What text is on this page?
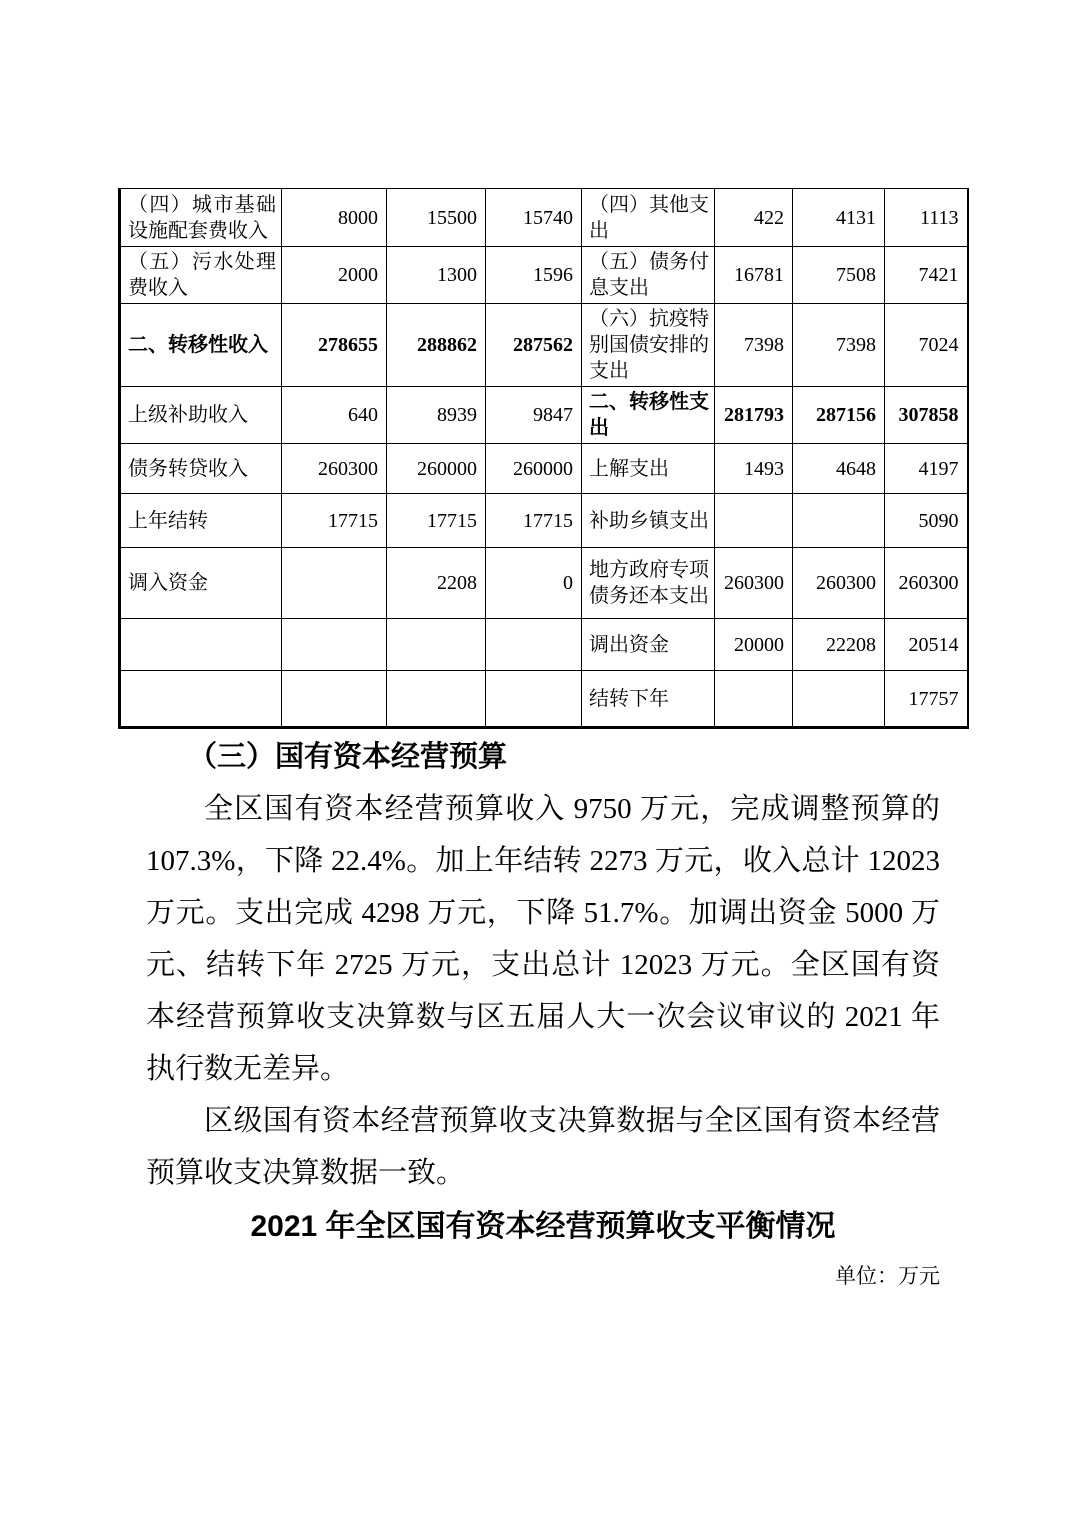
（四）城市基础设施配套费收入	8000	15500	15740	（四）其他支出	422	4131	1113
（五）污水处理费收入	2000	1300	1596	（五）债务付息支出	16781	7508	7421
二、转移性收入	278655	288862	287562	（六）抗疫特别国债安排的支出	7398	7398	7024
上级补助收入	640	8939	9847	二、转移性支出	281793	287156	307858
债务转贷收入	260300	260000	260000	上解支出	1493	4648	4197
上年结转	17715	17715	17715	补助乡镇支出			5090
调入资金		2208	0	地方政府专项债务还本支出	260300	260300	260300
				调出资金	20000	22208	20514
				结转下年			17757
（三）国有资本经营预算

全区国有资本经营预算收入 9750 万元，完成调整预算的 107.3%，下降 22.4%。加上年结转 2273 万元，收入总计 12023 万元。支出完成 4298 万元，下降 51.7%。加调出资金 5000 万元、结转下年 2725 万元，支出总计 12023 万元。全区国有资本经营预算收支决算数与区五届人大一次会议审议的 2021 年执行数无差异。

区级国有资本经营预算收支决算数据与全区国有资本经营预算收支决算数据一致。

2021 年全区国有资本经营预算收支平衡情况
单位：万元
